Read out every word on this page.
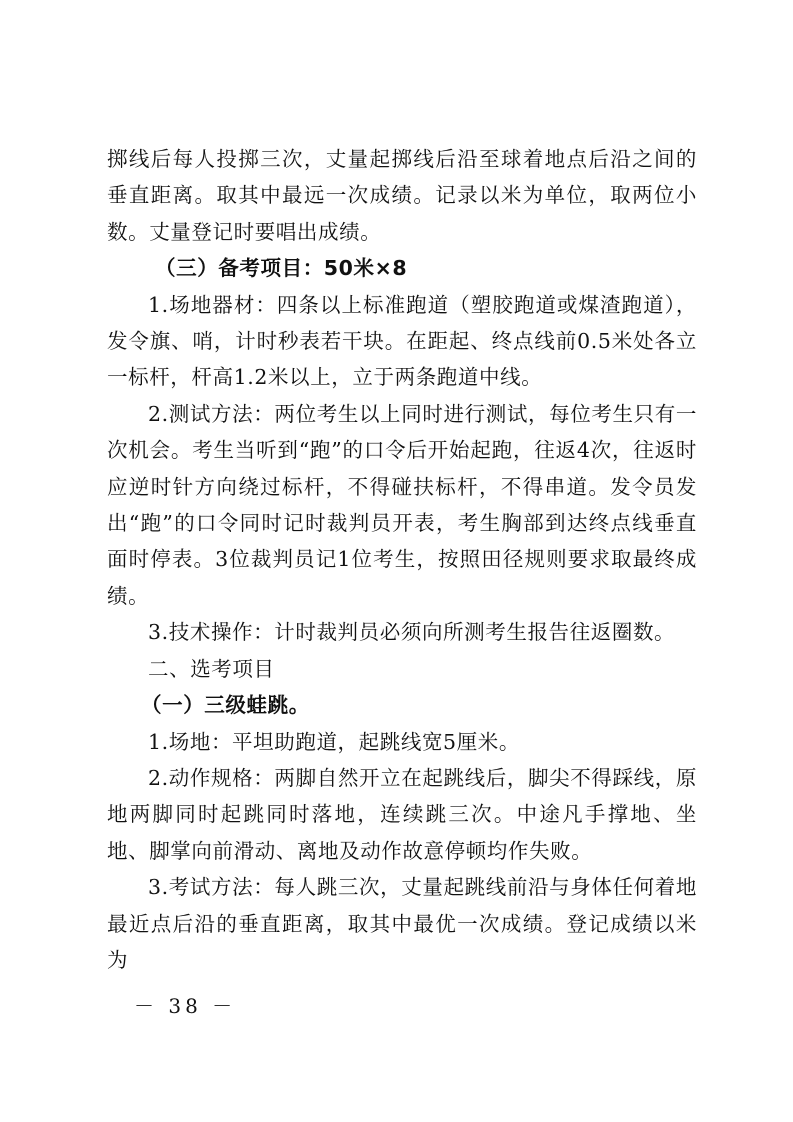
掷线后每人投掷三次，丈量起掷线后沿至球着地点后沿之间的垂直距离。取其中最远一次成绩。记录以米为单位，取两位小数。丈量登记时要唱出成绩。

（三）备考项目：50米×8

1.场地器材：四条以上标准跑道（塑胶跑道或煤渣跑道），发令旗、哨，计时秒表若干块。在距起、终点线前0.5米处各立一标杆，杆高1.2米以上，立于两条跑道中线。

2.测试方法：两位考生以上同时进行测试，每位考生只有一次机会。考生当听到“跑”的口令后开始起跑，往返4次，往返时应逆时针方向绕过标杆，不得碰扶标杆，不得串道。发令员发出“跑”的口令同时记时裁判员开表，考生胸部到达终点线垂直面时停表。3位裁判员记1位考生，按照田径规则要求取最终成绩。

3.技术操作：计时裁判员必须向所测考生报告往返圈数。

二、选考项目

（一）三级蛙跳。

1.场地：平坦助跑道，起跳线宽5厘米。

2.动作规格：两脚自然开立在起跳线后，脚尖不得踩线，原地两脚同时起跳同时落地，连续跳三次。中途凡手撑地、坐地、脚掌向前滑动、离地及动作故意停顿均作失败。

3.考试方法：每人跳三次，丈量起跳线前沿与身体任何着地最近点后沿的垂直距离，取其中最优一次成绩。登记成绩以米为

－ 38 －
